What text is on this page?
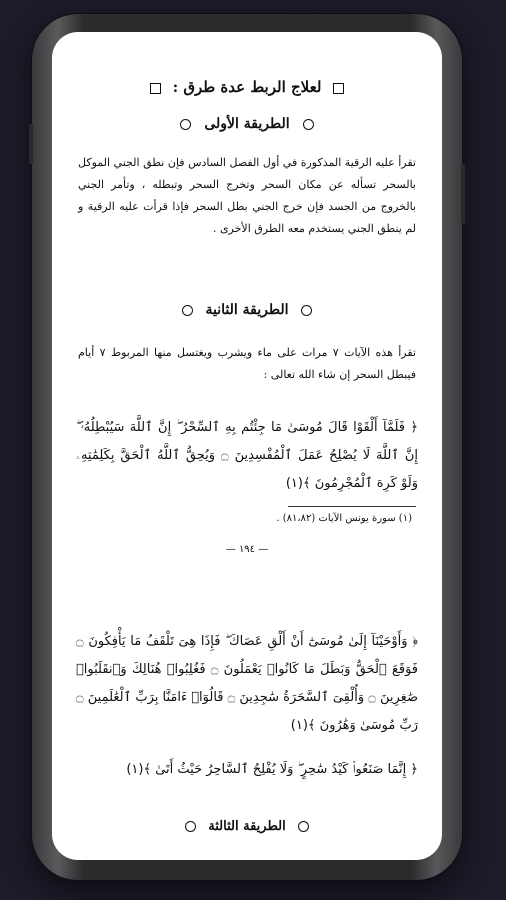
لعلاج الربط عدة طرق :
الطريقة الأولى
تقرأ عليه الرقية المذكورة في أول الفصل السادس فإن نطق الجني الموكل بالسحر تسأله عن مكان السحر وتخرج السحر وتبطله ، وتأمر الجني بالخروج من الجسد فإن خرج الجني بطل السحر فإذا قرأت عليه الرقية و لم ينطق الجني يستخدم معه الطرق الأخرى .
الطريقة الثانية
تقرأ هذه الآيات ٧ مرات على ماء ويشرب ويغتسل منها المربوط ٧ أيام فيبطل السحر إن شاء الله تعالى :
﴿ فَلَمَّآ أَلْقَوْا قَالَ مُوسَىٰ مَا جِئْتُم بِهِ ٱلسِّحْرُ ۖ إِنَّ ٱللَّهَ سَيُبْطِلُهُۥٓ ۖ إِنَّ ٱللَّهَ لَا يُصْلِحُ عَمَلَ ٱلْمُفْسِدِينَ ۝ وَيُحِقُّ ٱللَّهُ ٱلْحَقَّ بِكَلِمَٰتِهِۦ وَلَوْ كَرِهَ ٱلْمُجْرِمُونَ ﴾(١)
(١) سورة يونس الآيات (٨١،٨٢) .
— ١٩٤ —
﴿ وَأَوْحَيْنَآ إِلَىٰ مُوسَىٰٓ أَنْ أَلْقِ عَصَاكَ ۖ فَإِذَا هِىَ تَلْقَفُ مَا يَأْفِكُونَ ۝ فَوَقَعَ ٱلْحَقُّ وَبَطَلَ مَا كَانُوا۟ يَعْمَلُونَ ۝ فَغُلِبُوا۟ هُنَالِكَ وَٱنقَلَبُوا۟ صَٰغِرِينَ ۝ وَأُلْقِىَ ٱلسَّحَرَةُ سَٰجِدِينَ ۝ قَالُوٓا۟ ءَامَنَّا بِرَبِّ ٱلْعَٰلَمِينَ ۝ رَبِّ مُوسَىٰ وَهَٰرُونَ ﴾(١)
﴿ إِنَّمَا صَنَعُوا۟ كَيْدُ سَٰحِرٍ ۖ وَلَا يُفْلِحُ ٱلسَّاحِرُ حَيْثُ أَتَىٰ ﴾(١)
الطريقة الثالثة
